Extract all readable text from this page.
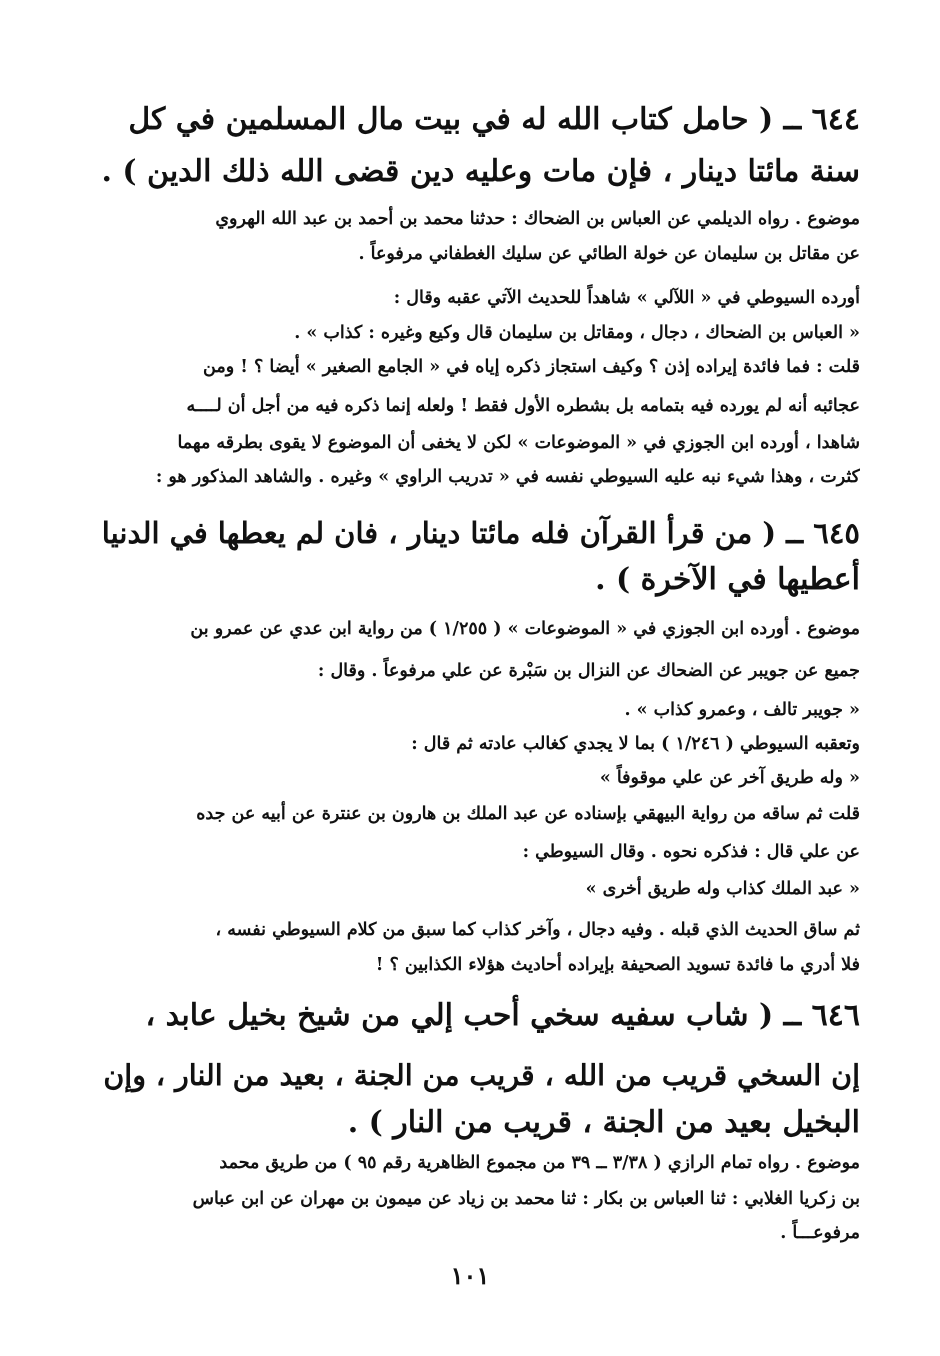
٦٤٤ ــ ( حامل كتاب الله له في بيت مال المسلمين في كل
سنة مائتا دينار ، فإن مات وعليه دين قضى الله ذلك الدين ) .
موضوع . رواه الديلمي عن العباس بن الضحاك : حدثنا محمد بن أحمد بن عبد الله الهروي
عن مقاتل بن سليمان عن خولة الطائي عن سليك الغطفاني مرفوعاً .
أورده السيوطي في « اللآلي » شاهداً للحديث الآتي عقبه وقال :
« العباس بن الضحاك ، دجال ، ومقاتل بن سليمان قال وكيع وغيره : كذاب » .
قلت : فما فائدة إيراده إذن ؟ وكيف استجاز ذكره إياه في « الجامع الصغير » أيضا ؟ ! ومن
عجائبه أنه لم يورده فيه بتمامه بل بشطره الأول فقط ! ولعله إنما ذكره فيه من أجل أن لــــه
شاهدا ، أورده ابن الجوزي في « الموضوعات » لكن لا يخفى أن الموضوع لا يقوى بطرقه مهما
كثرت ، وهذا شيء نبه عليه السيوطي نفسه في « تدريب الراوي » وغيره . والشاهد المذكور هو :
٦٤٥ ــ ( من قرأ القرآن فله مائتا دينار ، فان لم يعطها في الدنيا
أعطيها في الآخرة ) .
موضوع . أورده ابن الجوزي في « الموضوعات » ( ١/٢٥٥ ) من رواية ابن عدي عن عمرو بن
جميع عن جويبر عن الضحاك عن النزال بن سَبْرة عن علي مرفوعاً . وقال :
« جويبر تالف ، وعمرو كذاب » .
وتعقبه السيوطي ( ١/٢٤٦ ) بما لا يجدي كغالب عادته ثم قال :
« وله طريق آخر عن علي موقوفاً »
قلت ثم ساقه من رواية البيهقي بإسناده عن عبد الملك بن هارون بن عنترة عن أبيه عن جده
عن علي قال : فذكره نحوه . وقال السيوطي :
« عبد الملك كذاب وله طريق أخرى »
ثم ساق الحديث الذي قبله . وفيه دجال ، وآخر كذاب كما سبق من كلام السيوطي نفسه ،
فلا أدري ما فائدة تسويد الصحيفة بإيراده أحاديث هؤلاء الكذابين ؟ !
٦٤٦ ــ ( شاب سفيه سخي أحب إلي من شيخ بخيل عابد ،
إن السخي قريب من الله ، قريب من الجنة ، بعيد من النار ، وإن
البخيل بعيد من الجنة ، قريب من النار ) .
موضوع . رواه تمام الرازي ( ٣/٣٨ ــ ٣٩ من مجموع الظاهرية رقم ٩٥ ) من طريق محمد
بن زكريا الغلابي : ثنا العباس بن بكار : ثنا محمد بن زياد عن ميمون بن مهران عن ابن عباس
مرفوعـــاً .
١٠١
